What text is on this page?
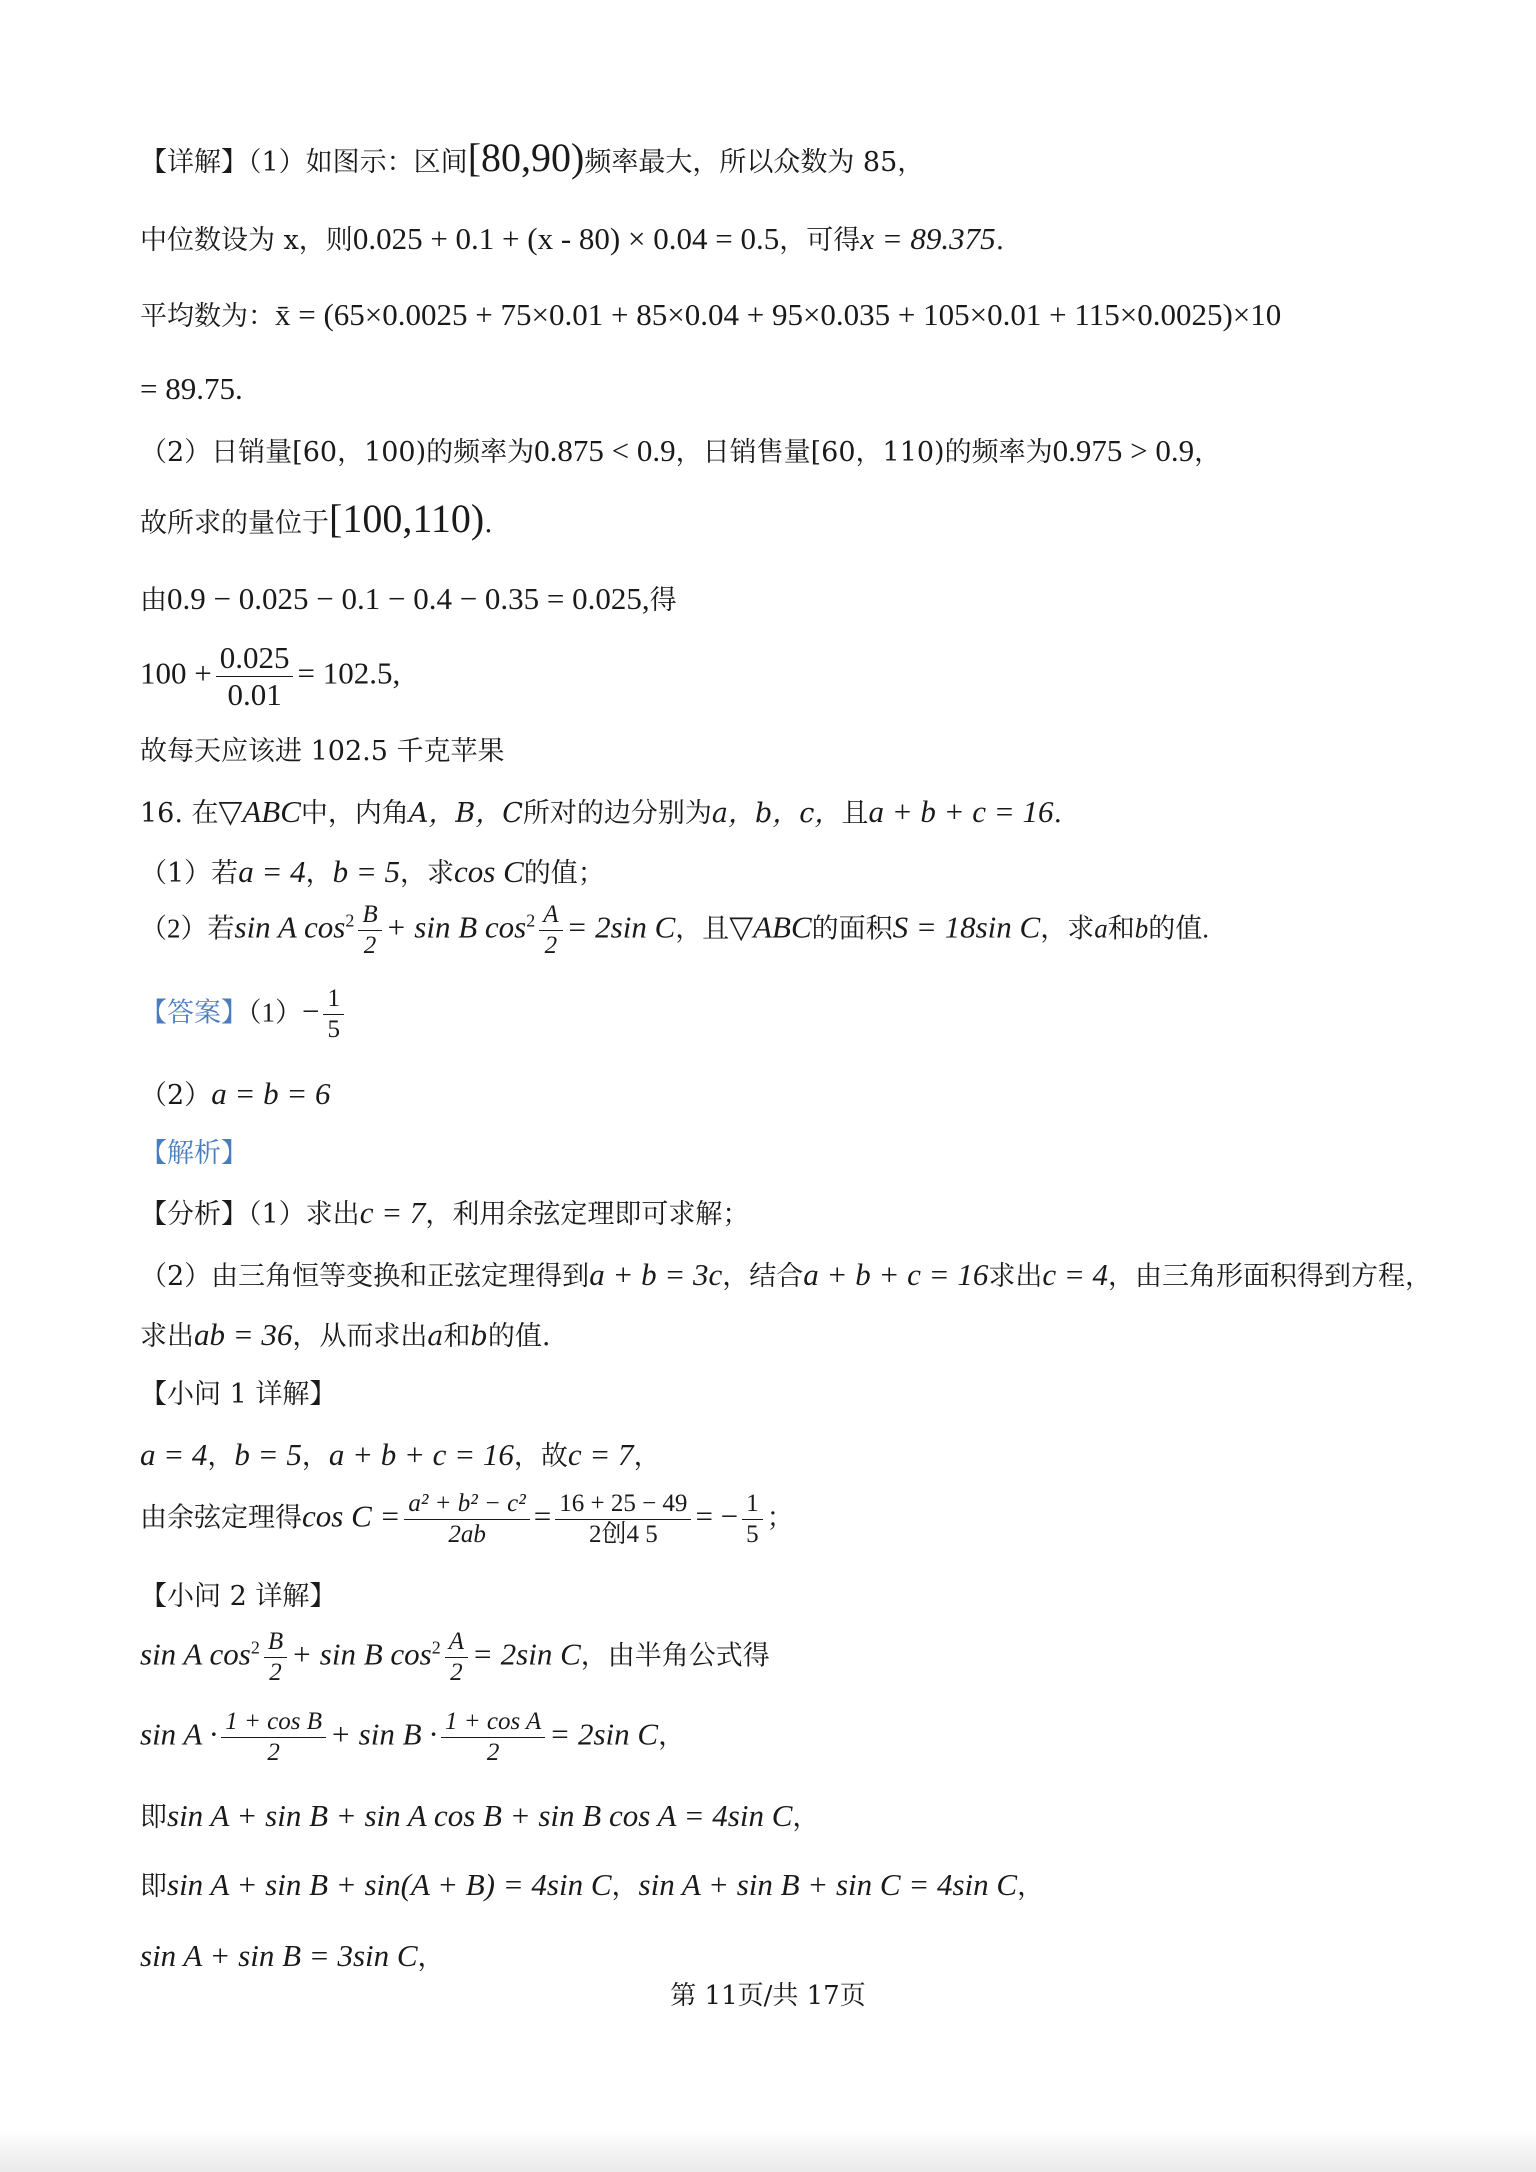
【详解】（1）如图示：区间[80,90)频率最大，所以众数为 85，
中位数设为 x，则0.025 + 0.1 + (x - 80) × 0.04 = 0.5，可得x = 89.375.
平均数为：x̄ = (65×0.0025 + 75×0.01 + 85×0.04 + 95×0.035 + 105×0.01 + 115×0.0025)×10
= 89.75.
（2）日销量[60，100)的频率为0.875 < 0.9，日销售量[60，110)的频率为0.975 > 0.9，
故所求的量位于[100,110).
由0.9 − 0.025 − 0.1 − 0.4 − 0.35 = 0.025,得
$100 + \frac{0.025}{0.01} = 102.5$,
故每天应该进 102.5 千克苹果
16. 在▽ABC中，内角A，B，C所对的边分别为a，b，c，且a + b + c = 16.
（1）若a = 4，b = 5，求cos C的值；
（2）若sin A $\cos^2 \frac{B}{2} + \sin B$ $\cos^2 \frac{A}{2} = 2\sin$ C，且▽ABC的面积S = 18sin C，求a和b的值.
【答案】$(1)- \frac{1}{5}$
（2）a = b = 6
【解析】
【分析】（1）求出c = 7，利用余弦定理即可求解；
（2）由三角恒等变换和正弦定理得到a + b = 3c，结合a + b + c = 16求出c = 4，由三角形面积得到方程，
求出ab = 36，从而求出a和b的值.
【小问 1 详解】
a = 4，b = 5，a + b + c = 16，故c = 7，
由余弦定理得$\cos C = \frac{\text{a² + b² − c²}}{2ab} = \frac{16 + 25 - 49}{\text{2创4 5}}$ = − $\frac{1}{5}$ ；
【小问 2 详解】
sin A $\cos^2 \frac{B}{2} + \sin B$ $\cos^2 \frac{A}{2} = 2\sin$ C，由半角公式得
$\sin A \cdot \frac{\text{1 + cos B}}{2} + \sin B \cdot \frac{\text{1 + cos A}}{2} = 2\sin$ C，
即sin A + sin B + sin A cos B + sin B cos A = 4sin C，
即sin A + sin B + sin(A + B) = 4sin C，sin A + sin B + sin C = 4sin C，
sin A + sin B = 3sin C，
第 11页/共 17页
